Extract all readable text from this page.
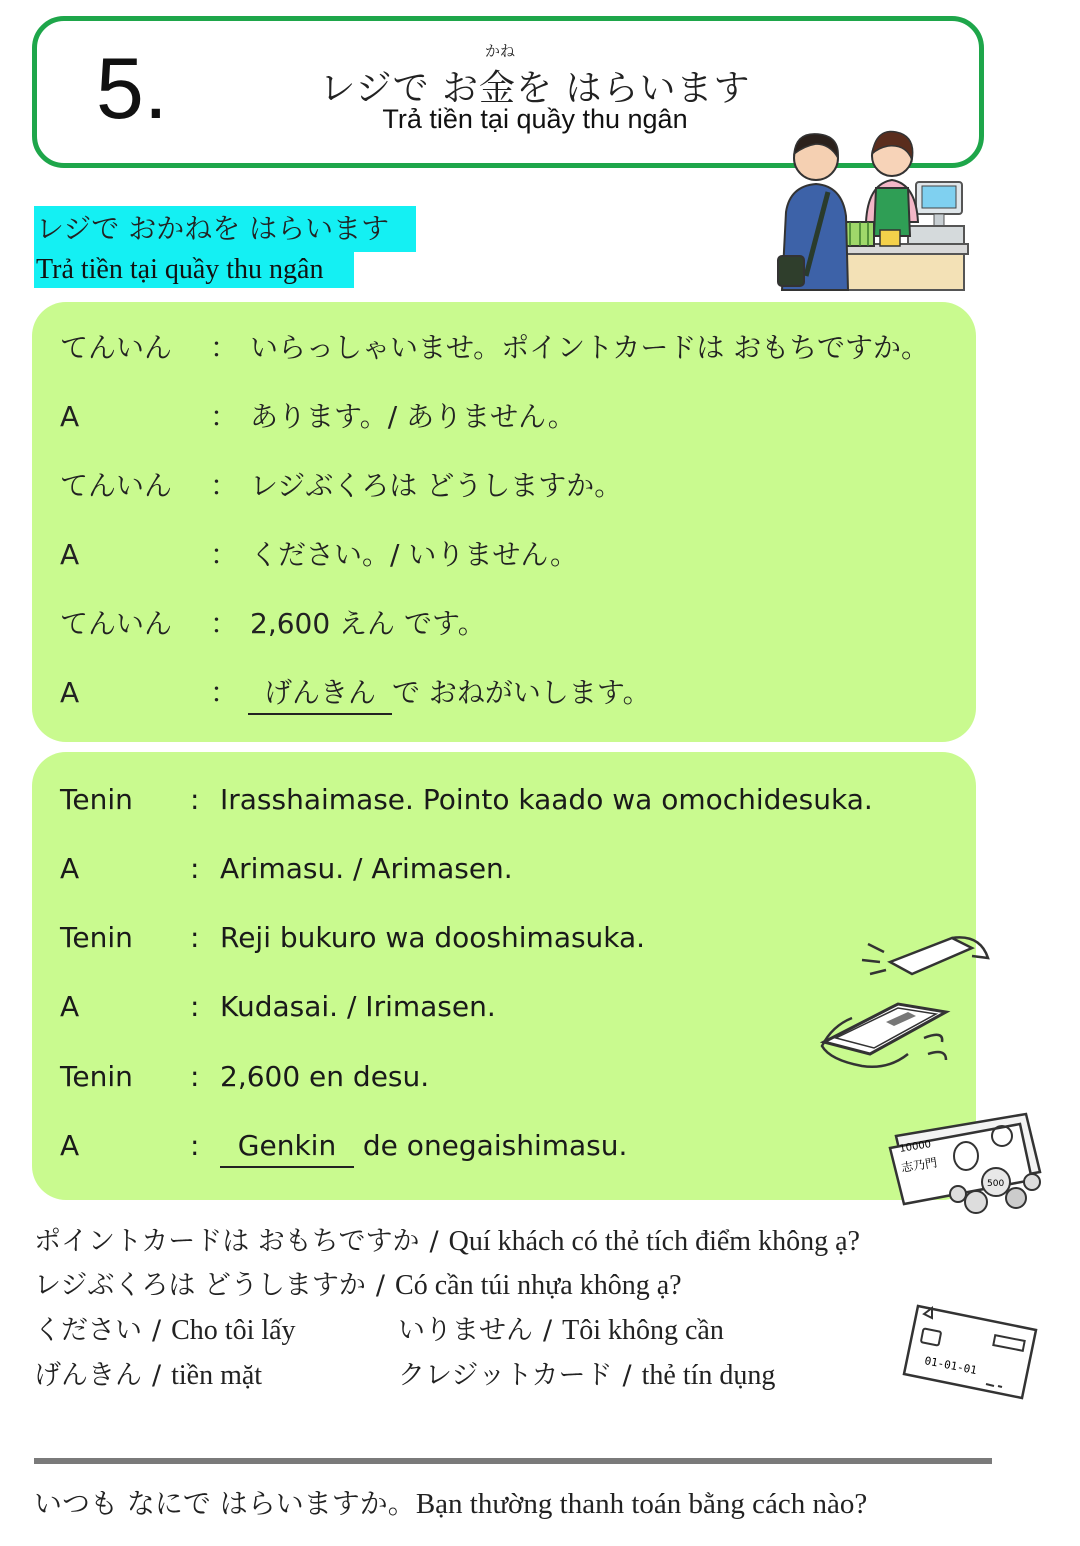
5.	かね
レジで お金を はらいます
Trả tiền tại quầy thu ngân
レジで おかねを はらいます
Trả tiền tại quầy thu ngân
てんいん ： いらっしゃいませ。ポイントカードは おもちですか。
A	： あります。/ ありません。
てんいん ： レジぶくろは どうしますか。
A	： ください。/ いりません。
てんいん ： 2,600 えん です。
A	： げんきん で おねがいします。
Tenin : Irasshaimase. Pointo kaado wa omochidesuka.
A	: Arimasu. / Arimasen.
Tenin : Reji bukuro wa dooshimasuka.
A	: Kudasai. / Irimasen.
Tenin : 2,600 en desu.
A	:	Genkin de onegaishimasu.	10000
志乃門
500
ポイントカードは おもちですか / Quí khách có thẻ tích điểm không ạ?
レジぶくろは どうしますか / Có cần túi nhựa không ạ?
ください / Cho tôi lấy	いりません / Tôi không cần
げんきん / tiền mặt	クレジットカード / thẻ tín dụng	01-01-01
いつも なにで はらいますか。Bạn thường thanh toán bằng cách nào?
